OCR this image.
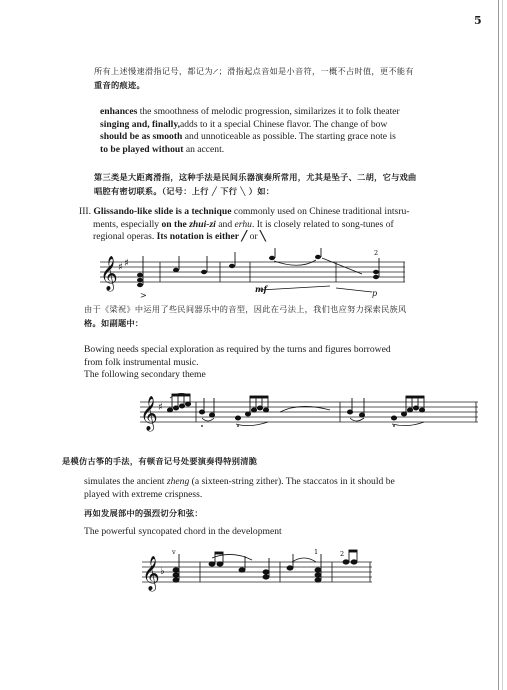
5
所有上述慢速滑指记号，都记为𝆱；滑指起点音如是小音符，一概不占时值，更不能有
重音的痕迹。
enhances the smoothness of melodic progression, similarizes it to folk theater
singing and, finally,adds to it a special Chinese flavor. The change of bow
should be as smooth and unnoticeable as possible. The starting grace note is
to be played without an accent.
第三类是大距离滑指，这种手法是民间乐器演奏所常用，尤其是坠子、二胡，它与戏曲
唱腔有密切联系。（记号：上行 ╱ 下行 ╲ ）如：
III. Glissando-like slide is a technique commonly used on Chinese traditional intsru-
ments, especially on the zhui-zi and erhu. It is closely related to song-tunes of
regional operas. Its notation is either ╱ or ╲
𝄞 ♯ ♯
>
mf	p
2
由于《梁祝》中运用了些民间器乐中的音型，因此在弓法上，我们也应努力探索民族风
格。如副题中：
Bowing needs special exploration as required by the turns and figures borrowed
from folk instrumental music.
The following secondary theme
𝄞 ♯
是模仿古筝的手法，有顿音记号处要演奏得特别清脆
simulates the ancient zheng (a sixteen-string zither). The staccatos in it should be
played with extreme crispness.
再如发展部中的强烈切分和弦：
The powerful syncopated chord in the development
𝄞 ♭
v	1	2
